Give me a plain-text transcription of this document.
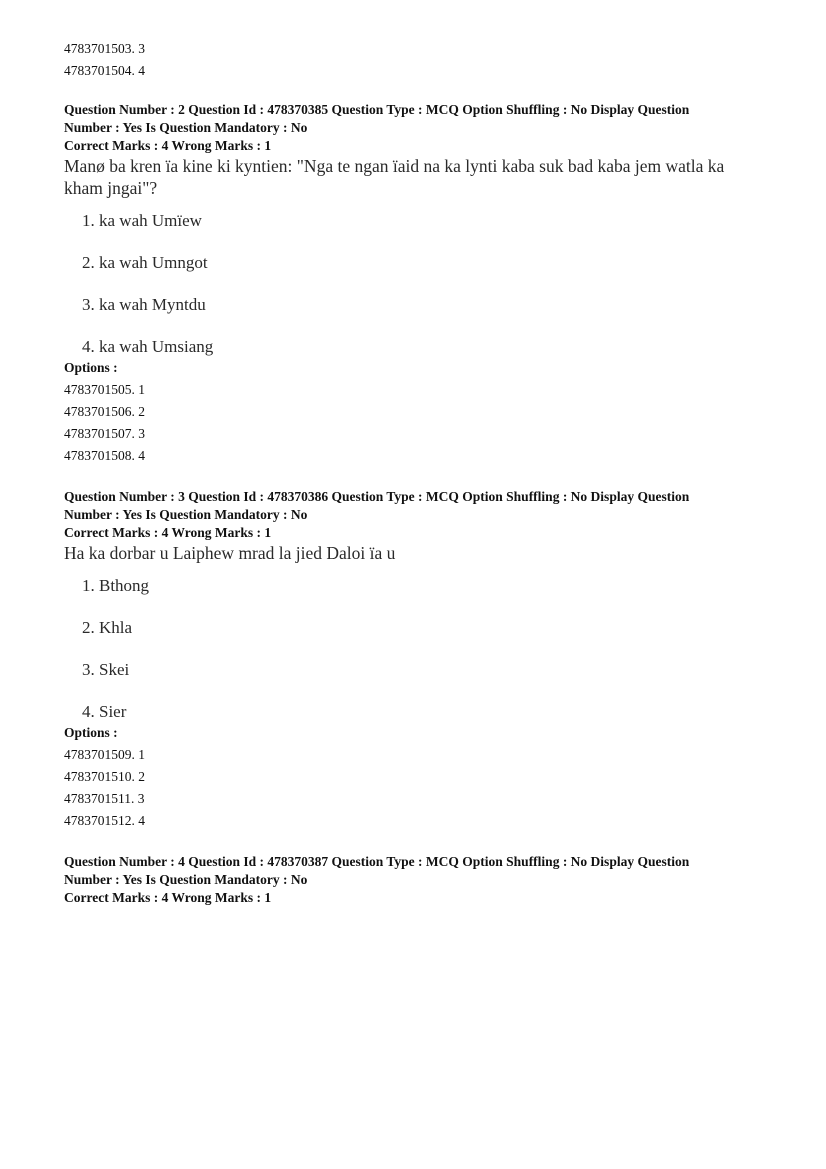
4783701503. 3
4783701504. 4
Question Number : 2 Question Id : 478370385 Question Type : MCQ Option Shuffling : No Display Question
Number : Yes Is Question Mandatory : No
Correct Marks : 4 Wrong Marks : 1
Manø ba kren ïa kine ki kyntien: "Nga te ngan ïaid na ka lynti kaba suk bad kaba jem watla ka kham jngai"?
1. ka wah Umïew
2. ka wah Umngot
3. ka wah Myntdu
4. ka wah Umsiang
Options :
4783701505. 1
4783701506. 2
4783701507. 3
4783701508. 4
Question Number : 3 Question Id : 478370386 Question Type : MCQ Option Shuffling : No Display Question
Number : Yes Is Question Mandatory : No
Correct Marks : 4 Wrong Marks : 1
Ha ka dorbar u Laiphew mrad la jied Daloi ïa u
1. Bthong
2. Khla
3. Skei
4. Sier
Options :
4783701509. 1
4783701510. 2
4783701511. 3
4783701512. 4
Question Number : 4 Question Id : 478370387 Question Type : MCQ Option Shuffling : No Display Question
Number : Yes Is Question Mandatory : No
Correct Marks : 4 Wrong Marks : 1
